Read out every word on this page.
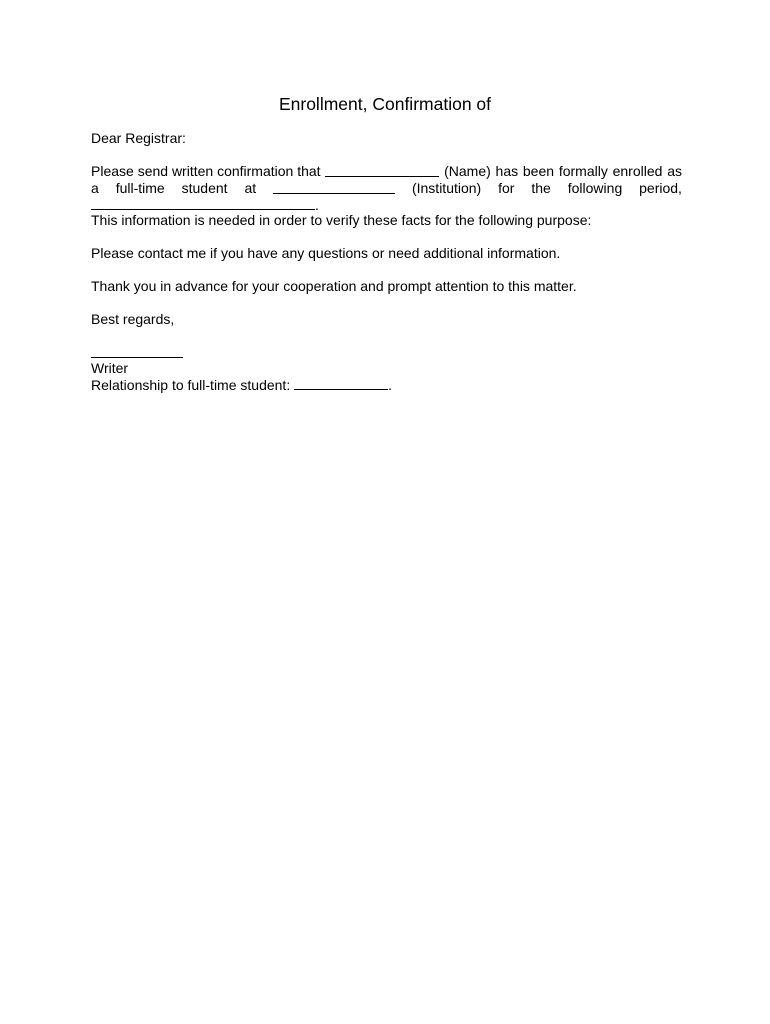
Enrollment, Confirmation of
Dear Registrar:
Please send written confirmation that	(Name) has been formally enrolled as
a full-time student at	(Institution) for the following period,
.
This information is needed in order to verify these facts for the following purpose:
Please contact me if you have any questions or need additional information.
Thank you in advance for your cooperation and prompt attention to this matter.
Best regards,
Writer
Relationship to full-time student:	.
